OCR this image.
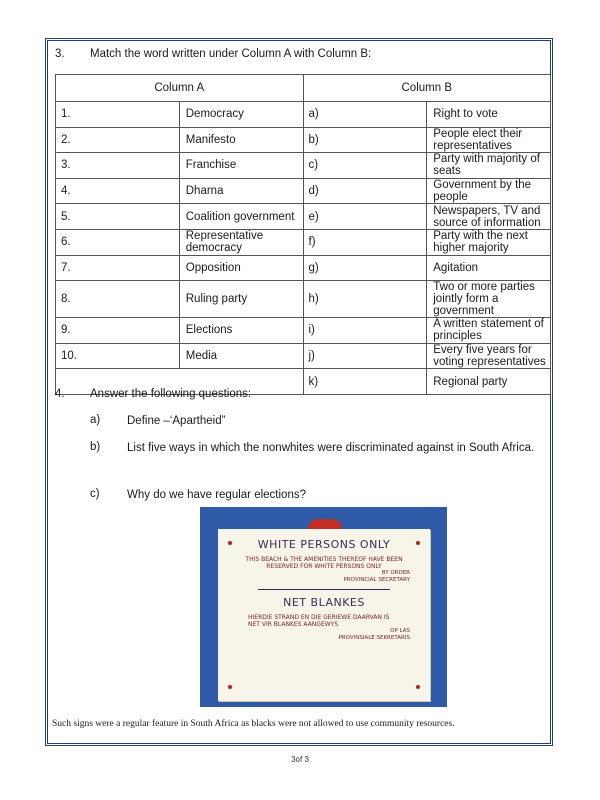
3. Match the word written under Column A with Column B:
Column A		Column B	
1.	Democracy	a)	Right to vote
2.	Manifesto	b)	People elect their representatives
3.	Franchise	c)	Party with majority of seats
4.	Dharna	d)	Government by the people
5.	Coalition government	e)	Newspapers, TV and source of information
6.	Representative democracy	f)	Party with the next higher majority
7.	Opposition	g)	Agitation
8.	Ruling party	h)	Two or more parties jointly form a government
9.	Elections	i)	A written statement of principles
10.	Media	j)	Every five years for voting representatives
		k)	Regional party
4. Answer the following questions:
a) Define –‘Apartheid”
b) List five ways in which the nonwhites were discriminated against in South Africa.
c) Why do we have regular elections?
WHITE PERSONS ONLY
THIS BEACH & THE AMENITIES THEREOF HAVE BEEN RESERVED FOR WHITE PERSONS ONLY
BY ORDER
PROVINCIAL SECRETARY
NET BLANKES
HIERDIE STRAND EN DIE GERIEWE DAARVAN IS NET VIR BLANKES AANGEWYS
OP LAS
PROVINSIALE SEKRETARIS
Such signs were a regular feature in South Africa as blacks were not allowed to use community resources.
3of 3
